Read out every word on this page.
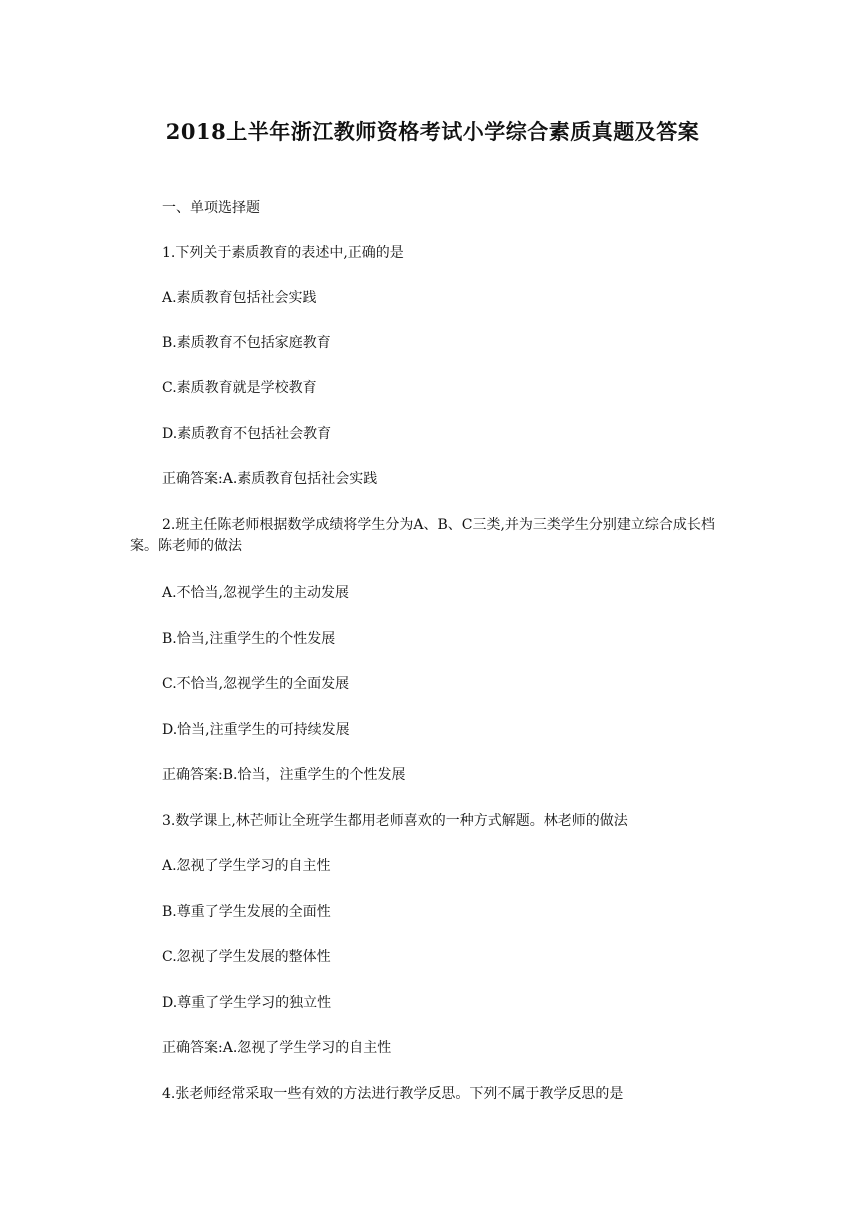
2018上半年浙江教师资格考试小学综合素质真题及答案
一、单项选择题
1.下列关于素质教育的表述中,正确的是
A.素质教育包括社会实践
B.素质教育不包括家庭教育
C.素质教育就是学校教育
D.素质教育不包括社会教育
正确答案:A.素质教育包括社会实践
2.班主任陈老师根据数学成绩将学生分为A、B、C三类,并为三类学生分别建立综合成长档案。陈老师的做法
A.不恰当,忽视学生的主动发展
B.恰当,注重学生的个性发展
C.不恰当,忽视学生的全面发展
D.恰当,注重学生的可持续发展
正确答案:B.恰当，注重学生的个性发展
3.数学课上,林芒师让全班学生都用老师喜欢的一种方式解题。林老师的做法
A.忽视了学生学习的自主性
B.尊重了学生发展的全面性
C.忽视了学生发展的整体性
D.尊重了学生学习的独立性
正确答案:A.忽视了学生学习的自主性
4.张老师经常采取一些有效的方法进行教学反思。下列不属于教学反思的是
